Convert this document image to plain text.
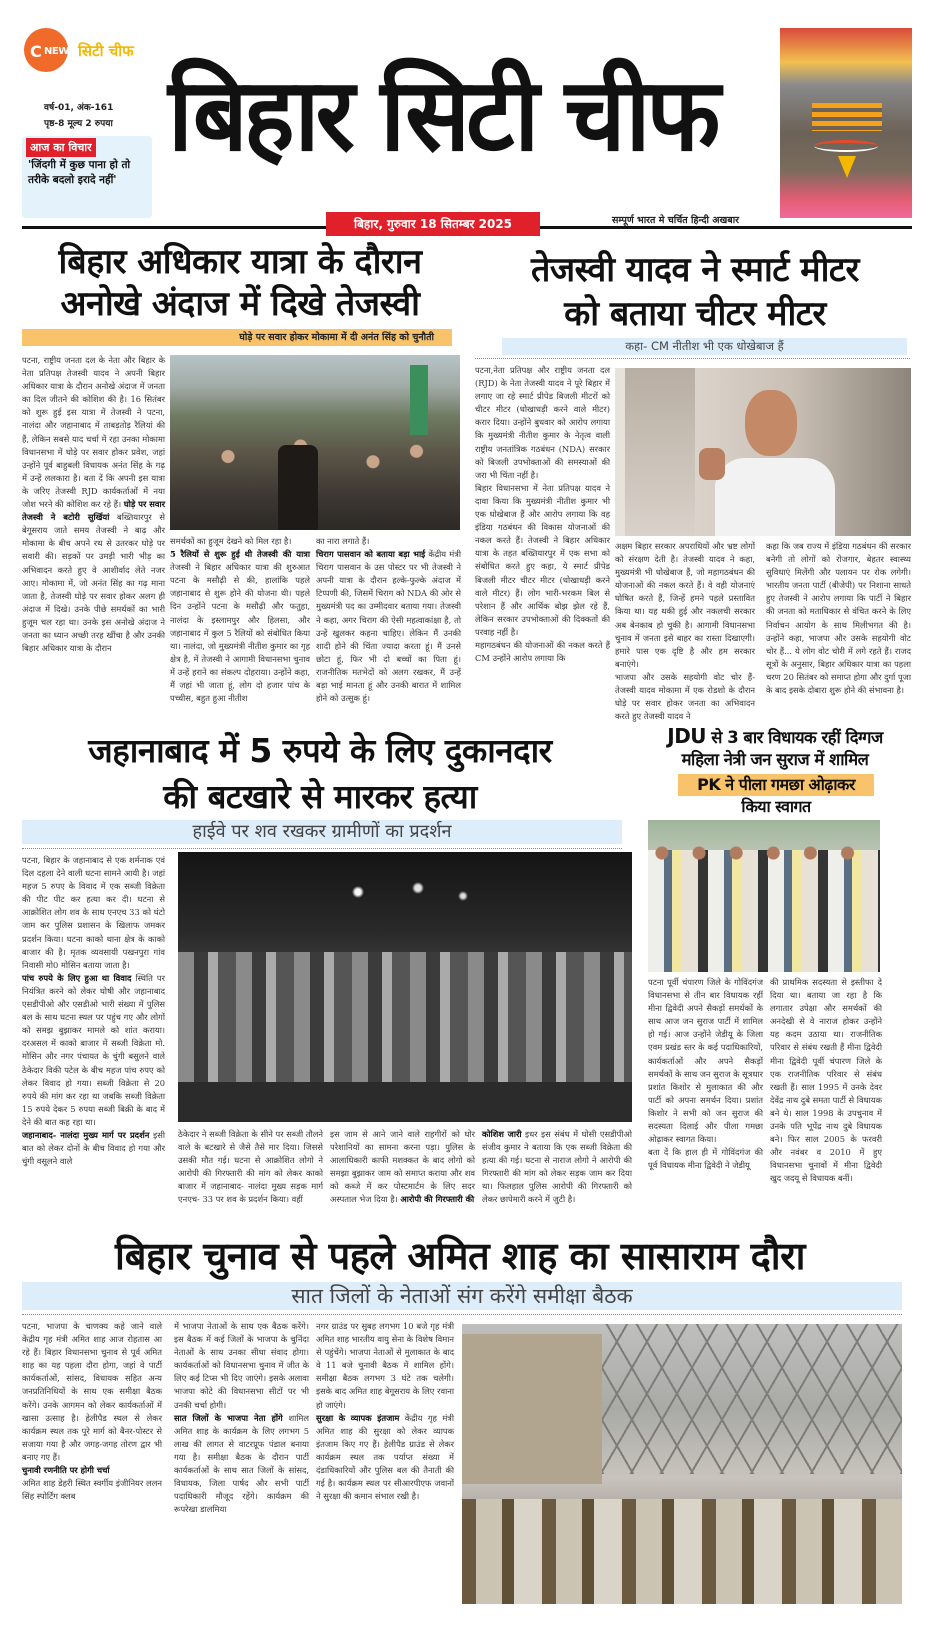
C NEWS सिटी चीफ
वर्ष-01, अंक-161
पृष्ठ-8 मूल्य 2 रुपया
आज का विचार
'जिंदगी में कुछ पाना हो तो तरीके बदलो इरादे नहीं'
बिहार सिटी चीफ
बिहार, गुरुवार 18 सितम्बर 2025	सम्पूर्ण भारत मे चर्चित हिन्दी अखबार
बिहार अधिकार यात्रा के दौरान
अनोखे अंदाज में दिखे तेजस्वी
घोड़े पर सवार होकर मोकामा में दी अनंत सिंह को चुनौती
पटना, राष्ट्रीय जनता दल के नेता और बिहार के नेता प्रतिपक्ष तेजस्वी यादव ने अपनी बिहार अधिकार यात्रा के दौरान अनोखे अंदाज में जनता का दिल जीतने की कोशिश की है। 16 सितंबर को शुरू हुई इस यात्रा में तेजस्वी ने पटना, नालंदा और जहानाबाद में ताबड़तोड़ रैलियां की हैं, लेकिन सबसे याद चर्चा में रहा उनका मोकामा विधानसभा में घोड़े पर सवार होकर प्रवेश, जहां उन्होंने पूर्व बाहुबली विधायक अनंत सिंह के गढ़ में उन्हें ललकारा है। बता दें कि अपनी इस यात्रा के जरिए तेजस्वी RJD कार्यकर्ताओं में नया जोश भरने की कोशिश कर रहे हैं। घोड़े पर सवार तेजस्वी ने बटोरी सुर्खियां बख्तियारपुर से बेगूसराय जाते समय तेजस्वी ने बाढ़ और मोकामा के बीच अपने रथ से उतरकर घोड़े पर सवारी की। सड़कों पर उमड़ी भारी भीड़ का अभिवादन करते हुए वे आशीर्वाद लेते नजर आए। मोकामा में, जो अनंत सिंह का गढ़ माना जाता है, तेजस्वी घोड़े पर सवार होकर अलग ही अंदाज में दिखे। उनके पीछे समर्थकों का भारी हुजूम चल रहा था। उनके इस अनोखे अंदाज ने जनता का ध्यान अच्छी तरह खींचा है और उनकी बिहार अधिकार यात्रा के दौरान
समर्थकों का हुजूम देखने को मिल रहा है।
5 रैलियों से शुरू हुई थी तेजस्वी की यात्रा तेजस्वी ने बिहार अधिकार यात्रा की शुरुआत पटना के मसौढ़ी से की, हालांकि पहले जहानाबाद से शुरू होने की योजना थी। पहले दिन उन्होंने पटना के मसौढ़ी और फतुहा, नालंदा के इस्लामपुर और हिलसा, और जहानाबाद में कुल 5 रैलियों को संबोधित किया था। नालंदा, जो मुख्यमंत्री नीतीश कुमार का गृह क्षेत्र है, में तेजस्वी ने आगामी विधानसभा चुनाव में उन्हें हराने का संकल्प दोहराया। उन्होंने कहा, मैं जहां भी जाता हूं, लोग दो हजार पांच के पच्चीस, बहुत हुआ नीतीश
का नारा लगाते हैं।
चिराग पासवान को बताया बड़ा भाई केंद्रीय मंत्री चिराग पासवान के उस पोस्टर पर भी तेजस्वी ने अपनी यात्रा के दौरान हल्के-फुल्के अंदाज में टिप्पणी की, जिसमें चिराग को NDA की ओर से मुख्यमंत्री पद का उम्मीदवार बताया गया। तेजस्वी ने कहा, अगर चिराग की ऐसी महत्वाकांक्षा है, तो उन्हें खुलकर कहना चाहिए। लेकिन मैं उनकी शादी होने की चिंता ज्यादा करता हूं। मैं उनसे छोटा हूं, फिर भी दो बच्चों का पिता हूं। राजनीतिक मतभेदों को अलग रखकर, मैं उन्हें बड़ा भाई मानता हूं और उनकी बारात में शामिल होने को उत्सुक हूं।
तेजस्वी यादव ने स्मार्ट मीटर
को बताया चीटर मीटर
कहा- CM नीतीश भी एक धोखेबाज हैं
पटना,नेता प्रतिपक्ष और राष्ट्रीय जनता दल (RJD) के नेता तेजस्वी यादव ने पूरे बिहार में लगाए जा रहे स्मार्ट प्रीपेड बिजली मीटरों को चीटर मीटर (धोखाधड़ी करने वाले मीटर) करार दिया। उन्होंने बुधवार को आरोप लगाया कि मुख्यमंत्री नीतीश कुमार के नेतृत्व वाली राष्ट्रीय जनतांत्रिक गठबंधन (NDA) सरकार को बिजली उपभोक्ताओं की समस्याओं की जरा भी चिंता नहीं है।
बिहार विधानसभा में नेता प्रतिपक्ष यादव ने दावा किया कि मुख्यमंत्री नीतीश कुमार भी एक धोखेबाज हैं और आरोप लगाया कि वह इंडिया गठबंधन की विकास योजनाओं की नकल करते हैं। तेजस्वी ने बिहार अधिकार यात्रा के तहत बख्तियारपुर में एक सभा को संबोधित करते हुए कहा, ये स्मार्ट प्रीपेड बिजली मीटर चीटर मीटर (धोखाधड़ी करने वाले मीटर) हैं। लोग भारी-भरकम बिल से परेशान हैं और आर्थिक बोझ झेल रहे हैं, लेकिन सरकार उपभोक्ताओं की दिक्कतों की परवाह नहीं है।
महागठबंधन की योजनाओं की नकल करते हैं CM उन्होंने आरोप लगाया कि
अक्षम बिहार सरकार अपराधियों और भ्रष्ट लोगों को संरक्षण देती है। तेजस्वी यादव ने कहा, मुख्यमंत्री भी धोखेबाज हैं, जो महागठबंधन की योजनाओं की नकल करते हैं। वे वही योजनाएं घोषित करते हैं, जिन्हें हमने पहले प्रस्तावित किया था। यह थकी हुई और नकलची सरकार अब बेनकाब हो चुकी है। आगामी विधानसभा चुनाव में जनता इसे बाहर का रास्ता दिखाएगी। हमारे पास एक दृष्टि है और हम सरकार बनाएंगे।
भाजपा और उसके सहयोगी वोट चोर हैं- तेजस्वी यादव मोकामा में एक रोडशो के दौरान घोड़े पर सवार होकर जनता का अभिवादन करते हुए तेजस्वी यादव ने
कहा कि जब राज्य में इंडिया गठबंधन की सरकार बनेगी तो लोगों को रोजगार, बेहतर स्वास्थ्य सुविधाएं मिलेंगी और पलायन पर रोक लगेगी। भारतीय जनता पार्टी (बीजेपी) पर निशाना साधते हुए तेजस्वी ने आरोप लगाया कि पार्टी ने बिहार की जनता को मताधिकार से वंचित करने के लिए निर्वाचन आयोग के साथ मिलीभगत की है। उन्होंने कहा, भाजपा और उसके सहयोगी वोट चोर हैं... ये लोग वोट चोरी में लगे रहते हैं। राजद सूत्रों के अनुसार, बिहार अधिकार यात्रा का पहला चरण 20 सितंबर को समाप्त होगा और दुर्गा पूजा के बाद इसके दोबारा शुरू होने की संभावना है।
जहानाबाद में 5 रुपये के लिए दुकानदार
की बटखारे से मारकर हत्या
हाईवे पर शव रखकर ग्रामीणों का प्रदर्शन
पटना, बिहार के जहानाबाद से एक शर्मनाक एवं दिल दहला देने वाली घटना सामने आयी है। जहां महज 5 रुपए के विवाद में एक सब्जी विक्रेता की पीट पीट कर हत्या कर दी। घटना से आक्रोशित लोग शव के साथ एनएच 33 को घंटो जाम कर पुलिस प्रशासन के खिलाफ जमकर प्रदर्शन किया। घटना काको थाना क्षेत्र के काको बाजार की है। मृतक व्यवसायी पखनपुरा गांव निवासी मो0 मोसिन बताया जाता है।
पांच रुपये के लिए हुआ था विवाद स्थिति पर नियंत्रित करने को लेकर घोषी और जहानाबाद एसडीपीओ और एसडीओ भारी संख्या में पुलिस बल के साथ घटना स्थल पर पहुंच गए और लोगों को समझ बुझाकर मामले को शांत कराया। दरअसल में काको बाजार में सब्जी विक्रेता मो. मोसिन और नगर पंचायत के चुंगी बसुलने वाले ठेकेदार विकी पटेल के बीच महज पांच रुपए को लेकर विवाद हो गया। सब्जी विक्रेता से 20 रुपये की मांग कर रहा था जबकि सब्जी विक्रेता 15 रुपये देकर 5 रुपया सब्जी बिक्री के बाद में देने की बात कह रहा था।
जहानाबाद- नालंदा मुख्य मार्ग पर प्रदर्शन इसी बात को लेकर दोनों के बीच विवाद हो गया और चुंगी वसूलने वाले
ठेकेदार ने सब्जी विक्रेता के सीने पर सब्जी तौलने वाले के बटखारे से जैसे तैसे मार दिया। जिससे उसकी मौत गई। घटना से आक्रोशित लोगो ने आरोपी की गिरफ्तारी की मांग को लेकर काको बाजार में जहानाबाद- नालंदा मुख्य सड़क मार्ग एनएच- 33 पर शव के प्रदर्शन किया। वहीं
इस जाम से आने जाने वाले राहगीरों को घोर परेशानियों का सामना करना पड़ा। पुलिस के आलाधिकारी काफी मशक्कत के बाद लोगो को समझा बुझाकर जाम को समाप्त कराया और शव को कब्जे में कर पोस्टमार्टम के लिए सदर अस्पताल भेज दिया है। आरोपी की गिरफ्तारी की
कोशिश जारी इधर इस संबंध में घोसी एसडीपीओ संजीव कुमार ने बताया कि एक सब्जी विक्रेता की हत्या की गई। घटना से नाराज लोगो ने आरोपी की गिरफ्तारी की मांग को लेकर सड़क जाम कर दिया था। फिलहाल पुलिस आरोपी की गिरफ्तारी को लेकर छापेमारी करने में जुटी है।
JDU से 3 बार विधायक रहीं दिग्गज
महिला नेत्री जन सुराज में शामिल
PK ने पीला गमछा ओढ़ाकर
किया स्वागत
पटना पूर्वी चंपारण जिले के गोविंदगंज विधानसभा से तीन बार विधायक रहीं मीना द्विवेदी अपने सैकड़ों समर्थकों के साथ आज जन सुराज पार्टी में शामिल हो गई। आज उन्होंने जेडीयू के जिला एवम प्रखंड स्तर के कई पदाधिकारियों, कार्यकर्ताओं और अपने सैकड़ों समर्थकों के साथ जन सुराज के सूत्रधार प्रशांत किशोर से मुलाकात की और पार्टी को अपना समर्थन दिया। प्रशांत किशोर ने सभी को जन सुराज की सदस्यता दिलाई और पीला गमछा ओढ़ाकर स्वागत किया।
बता दें कि हाल ही में गोविंदगंज की पूर्व विधायक मीना द्विवेदी ने जेडीयू
की प्राथमिक सदस्यता से इस्तीफा दे दिया था। बताया जा रहा है कि लगातार उपेक्षा और समर्थकों की अनदेखी से वे नाराज होकर उन्होंने यह कदम उठाया था। राजनीतिक परिवार से संबंध रखती हैं मीना द्विवेदी मीना द्विवेदी पूर्वी चंपारण जिले के एक राजनीतिक परिवार से संबंध रखती हैं। साल 1995 में उनके देवर देवेंद्र नाथ दुबे समता पार्टी से विधायक बने थे। साल 1998 के उपचुनाव में उनके पति भूपेंद्र नाथ दुबे विधायक बने। फिर साल 2005 के फरवरी और नवंबर व 2010 में हुए विधानसभा चुनावों में मीना द्विवेदी खुद जदयू से विधायक बनीं।
बिहार चुनाव से पहले अमित शाह का सासाराम दौरा
सात जिलों के नेताओं संग करेंगे समीक्षा बैठक
पटना, भाजपा के चाणक्य कहे जाने वाले केंद्रीय गृह मंत्री अमित शाह आज रोहतास आ रहे हैं। बिहार विधानसभा चुनाव से पूर्व अमित शाह का यह पहला दौरा होगा, जहां वे पार्टी कार्यकर्ताओं, सांसद, विधायक सहित अन्य जनप्रतिनिधियों के साथ एक समीक्षा बैठक करेंगे। उनके आगमन को लेकर कार्यकर्ताओं में खासा उत्साह है। हेलीपैड स्थल से लेकर कार्यक्रम स्थल तक पूरे मार्ग को बैनर-पोस्टर से सजाया गया है और जगह-जगह तोरण द्वार भी बनाए गए हैं।
चुनावी रणनीति पर होगी चर्चा
अमित शाह डेहरी स्थित स्वर्गीय इंजीनियर ललन सिंह स्पोर्टिंग क्लब
में भाजपा नेताओं के साथ एक बैठक करेंगे। इस बैठक में कई जिलों के भाजपा के चुनिंदा नेताओं के साथ उनका सीधा संवाद होगा। कार्यकर्ताओं को विधानसभा चुनाव में जीत के लिए कई टिप्स भी दिए जाएंगे। इसके अलावा भाजपा कोटे की विधानसभा सीटों पर भी उनकी चर्चा होगी।
सात जिलों के भाजपा नेता होंगे शामिल अमित शाह के कार्यक्रम के लिए लगभग 5 लाख की लागत से वाटरप्रूफ पंडाल बनाया गया है। समीक्षा बैठक के दौरान पार्टी कार्यकर्ताओं के साथ सात जिलों के सांसद, विधायक, जिला पार्षद और सभी पार्टी पदाधिकारी मौजूद रहेंगे। कार्यक्रम की रूपरेखा डालमिया
नगर ग्राउंड पर सुबह लगभग 10 बजे गृह मंत्री अमित शाह भारतीय वायु सेना के विशेष विमान से पहुंचेंगे। भाजपा नेताओं से मुलाकात के बाद वे 11 बजे चुनावी बैठक में शामिल होंगे। समीक्षा बैठक लगभग 3 घंटे तक चलेगी। इसके बाद अमित शाह बेगूसराय के लिए रवाना हो जाएंगे।
सुरक्षा के व्यापक इंतजाम केंद्रीय गृह मंत्री अमित शाह की सुरक्षा को लेकर व्यापक इंतजाम किए गए हैं। हेलीपैड ग्राउंड से लेकर कार्यक्रम स्थल तक पर्याप्त संख्या में दंडाधिकारियों और पुलिस बल की तैनाती की गई है। कार्यक्रम स्थल पर सीआरपीएफ जवानों ने सुरक्षा की कमान संभाल रखी है।
